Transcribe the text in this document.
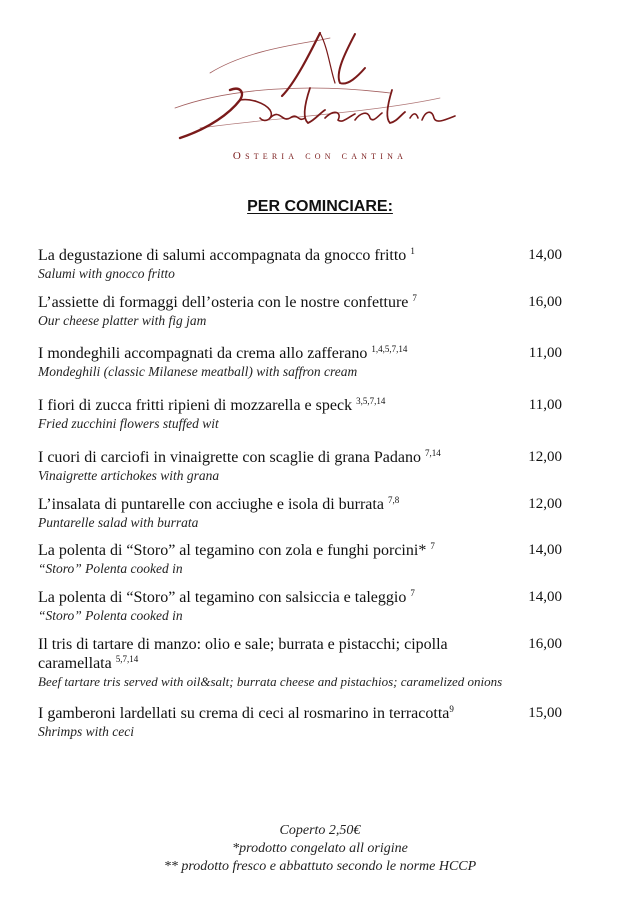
Osteria con cantina
PER COMINCIARE:
La degustazione di salumi accompagnata da gnocco fritto $^1$
Salumi with gnocco fritto
14,00
L’assiette di formaggi dell’osteria con le nostre confetture $^7$
Our cheese platter with fig jam
16,00
I mondeghili accompagnati da crema allo zafferano $^{1,4,5,7,14}$
Mondeghili (classic Milanese meatball) with saffron cream
11,00
I fiori di zucca fritti ripieni di mozzarella e speck $^{3,5,7,14}$
Fried zucchini flowers stuffed wit
11,00
I cuori di carciofi in vinaigrette con scaglie di grana Padano $^{7,14}$
Vinaigrette artichokes with grana
12,00
L’insalata di puntarelle con acciughe e isola di burrata $^{7,8}$
Puntarelle salad with burrata
12,00
La polenta di “Storo” al tegamino con zola e funghi porcini* $^7$
“Storo” Polenta cooked in
14,00
La polenta di “Storo” al tegamino con salsiccia e taleggio $^7$
“Storo” Polenta cooked in
14,00
Il tris di tartare di manzo: olio e sale; burrata e pistacchi; cipolla caramellata $^{5,7,14}$
Beef tartare tris served with oil&salt; burrata cheese and pistachios; caramelized onions
16,00
I gamberoni lardellati su crema di ceci al rosmarino in terracotta$^9$
Shrimps with ceci
15,00
Coperto 2,50€
*prodotto congelato all origine
** prodotto fresco e abbattuto secondo le norme HCCP
